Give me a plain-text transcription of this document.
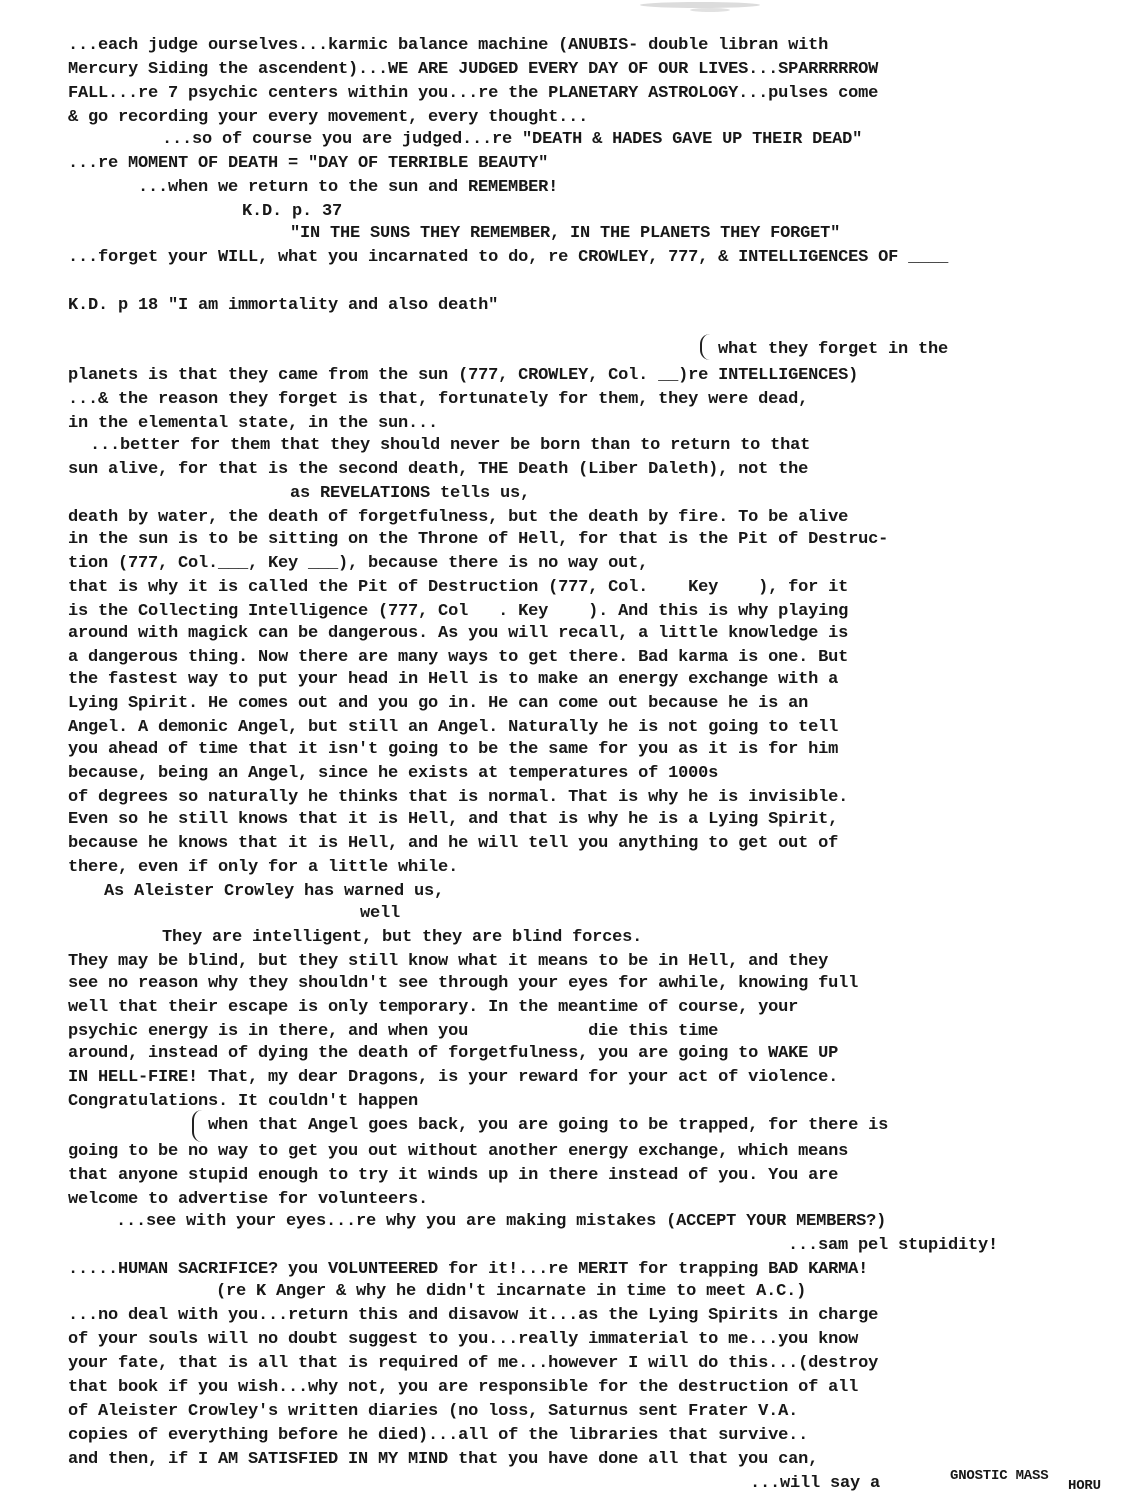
...each judge ourselves...karmic balance machine (ANUBIS- double libran with
Mercury Siding the ascendent)...WE ARE JUDGED EVERY DAY OF OUR LIVES...SPARRRRROW
FALL...re 7 psychic centers within you...re the PLANETARY ASTROLOGY...pulses come
& go recording your every movement, every thought...
...so of course you are judged...re "DEATH & HADES GAVE UP THEIR DEAD"
...re MOMENT OF DEATH = "DAY OF TERRIBLE BEAUTY"
...when we return to the sun and REMEMBER!
K.D. p. 37
"IN THE SUNS THEY REMEMBER, IN THE PLANETS THEY FORGET"
...forget your WILL, what you incarnated to do, re CROWLEY, 777, & INTELLIGENCES OF ____
K.D. p 18 "I am immortality and also death"
what they forget in the
planets is that they came from the sun (777, CROWLEY, Col. __)re INTELLIGENCES)
...& the reason they forget is that, fortunately for them, they were dead,
in the elemental state, in the sun...
...better for them that they should never be born than to return to that
sun alive, for that is the second death, THE Death (Liber Daleth), not the
as REVELATIONS tells us,
death by water, the death of forgetfulness, but the death by fire. To be alive
in the sun is to be sitting on the Throne of Hell, for that is the Pit of Destruc-
tion (777, Col.___, Key ___), because there is no way out,
that is why it is called the Pit of Destruction (777, Col.    Key    ), for it
is the Collecting Intelligence (777, Col   . Key    ). And this is why playing
around with magick can be dangerous. As you will recall, a little knowledge is
a dangerous thing. Now there are many ways to get there. Bad karma is one. But
the fastest way to put your head in Hell is to make an energy exchange with a
Lying Spirit. He comes out and you go in. He can come out because he is an
Angel. A demonic Angel, but still an Angel. Naturally he is not going to tell
you ahead of time that it isn't going to be the same for you as it is for him
because, being an Angel, since he exists at temperatures of 1000s
of degrees so naturally he thinks that is normal. That is why he is invisible.
Even so he still knows that it is Hell, and that is why he is a Lying Spirit,
because he knows that it is Hell, and he will tell you anything to get out of
there, even if only for a little while.
As Aleister Crowley has warned us,
well
They are intelligent, but they are blind forces.
They may be blind, but they still know what it means to be in Hell, and they
see no reason why they shouldn't see through your eyes for awhile, knowing full
well that their escape is only temporary. In the meantime of course, your
psychic energy is in there, and when you            die this time
around, instead of dying the death of forgetfulness, you are going to WAKE UP
IN HELL-FIRE! That, my dear Dragons, is your reward for your act of violence.
Congratulations. It couldn't happen
when that Angel goes back, you are going to be trapped, for there is
going to be no way to get you out without another energy exchange, which means
that anyone stupid enough to try it winds up in there instead of you. You are
welcome to advertise for volunteers.
...see with your eyes...re why you are making mistakes (ACCEPT YOUR MEMBERS?)
...sam pel stupidity!
.....HUMAN SACRIFICE? you VOLUNTEERED for it!...re MERIT for trapping BAD KARMA!
(re K Anger & why he didn't incarnate in time to meet A.C.)
...no deal with you...return this and disavow it...as the Lying Spirits in charge
of your souls will no doubt suggest to you...really immaterial to me...you know
your fate, that is all that is required of me...however I will do this...(destroy
that book if you wish...why not, you are responsible for the destruction of all
of Aleister Crowley's written diaries (no loss, Saturnus sent Frater V.A.
copies of everything before he died)...all of the libraries that survive..
and then, if I AM SATISFIED IN MY MIND that you have done all that you can,
GNOSTIC MASS
...will say a	HORU
